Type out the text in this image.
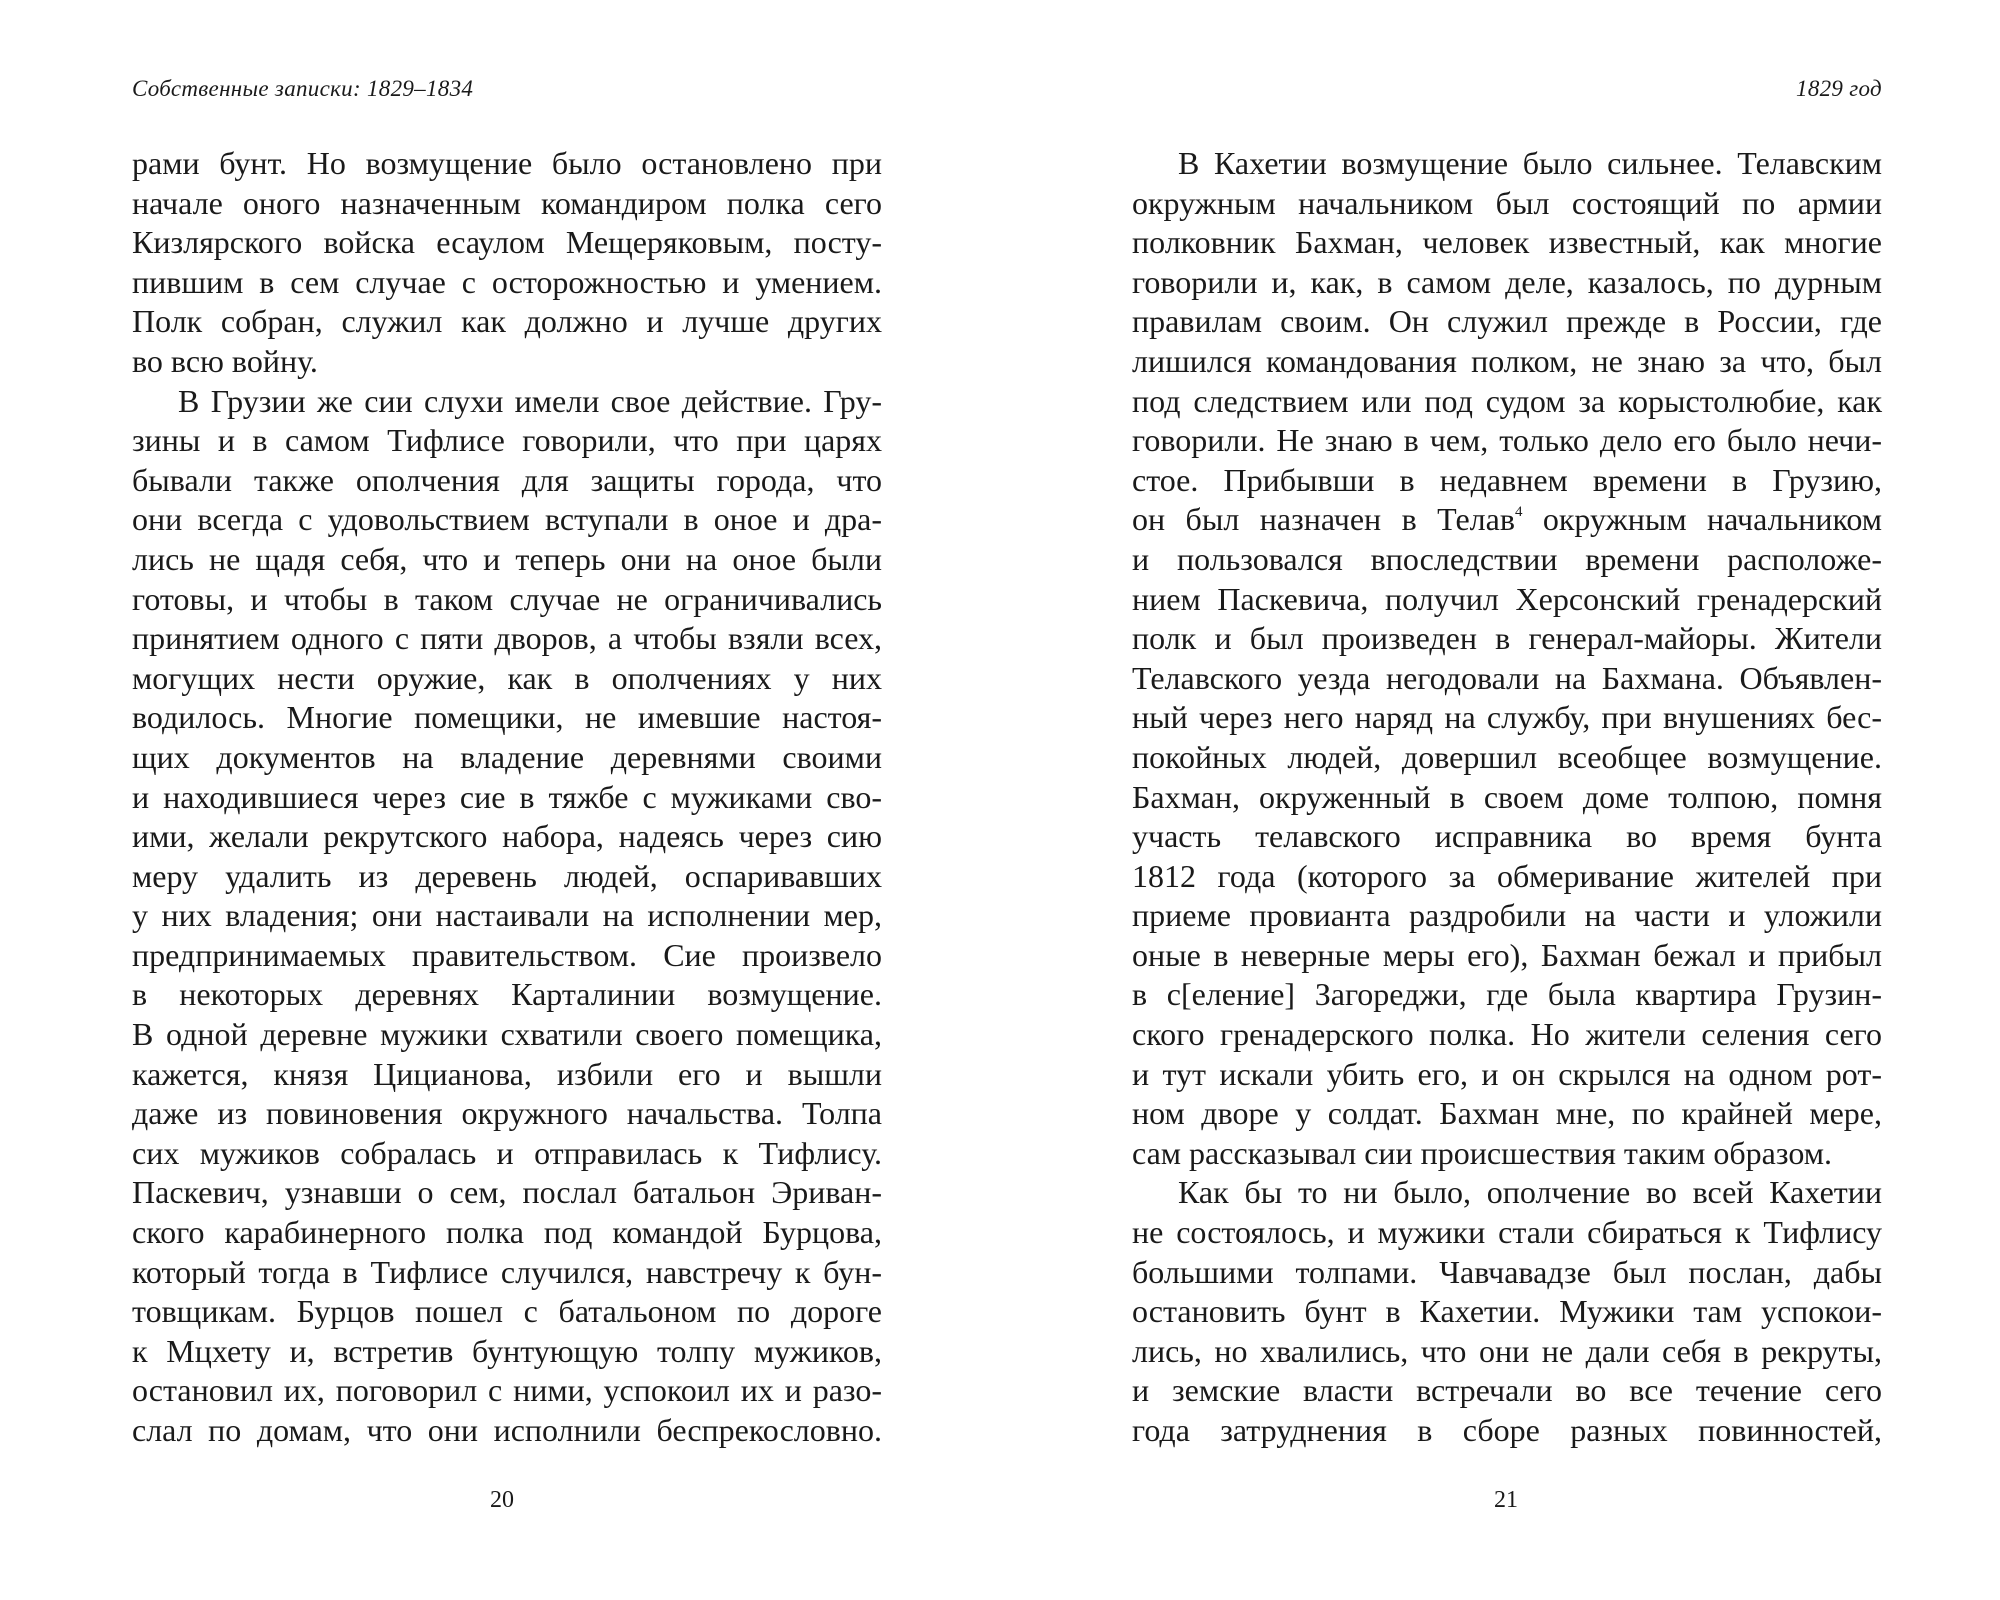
Собственные записки: 1829–1834
рами бунт. Но возмущение было остановлено при
начале оного назначенным командиром полка сего
Кизлярского войска есаулом Мещеряковым, посту-
пившим в сем случае с осторожностью и умением.
Полк собран, служил как должно и лучше других
во всю войну.
В Грузии же сии слухи имели свое действие. Гру-
зины и в самом Тифлисе говорили, что при царях
бывали также ополчения для защиты города, что
они всегда с удовольствием вступали в оное и дра-
лись не щадя себя, что и теперь они на оное были
готовы, и чтобы в таком случае не ограничивались
принятием одного с пяти дворов, а чтобы взяли всех,
могущих нести оружие, как в ополчениях у них
водилось. Многие помещики, не имевшие настоя-
щих документов на владение деревнями своими
и находившиеся через сие в тяжбе с мужиками сво-
ими, желали рекрутского набора, надеясь через сию
меру удалить из деревень людей, оспаривавших
у них владения; они настаивали на исполнении мер,
предпринимаемых правительством. Сие произвело
в некоторых деревнях Карталинии возмущение.
В одной деревне мужики схватили своего помещика,
кажется, князя Цицианова, избили его и вышли
даже из повиновения окружного начальства. Толпа
сих мужиков собралась и отправилась к Тифлису.
Паскевич, узнавши о сем, послал батальон Эриван-
ского карабинерного полка под командой Бурцова,
который тогда в Тифлисе случился, навстречу к бун-
товщикам. Бурцов пошел с батальоном по дороге
к Мцхету и, встретив бунтующую толпу мужиков,
остановил их, поговорил с ними, успокоил их и разо-
слал по домам, что они исполнили беспрекословно.
20
1829 год
В Кахетии возмущение было сильнее. Телавским
окружным начальником был состоящий по армии
полковник Бахман, человек известный, как многие
говорили и, как, в самом деле, казалось, по дурным
правилам своим. Он служил прежде в России, где
лишился командования полком, не знаю за что, был
под следствием или под судом за корыстолюбие, как
говорили. Не знаю в чем, только дело его было нечи-
стое. Прибывши в недавнем времени в Грузию,
он был назначен в Телав$^4$ окружным начальником
и пользовался впоследствии времени расположе-
нием Паскевича, получил Херсонский гренадерский
полк и был произведен в генерал-майоры. Жители
Телавского уезда негодовали на Бахмана. Объявлен-
ный через него наряд на службу, при внушениях бес-
покойных людей, довершил всеобщее возмущение.
Бахман, окруженный в своем доме толпою, помня
участь телавского исправника во время бунта
1812 года (которого за обмеривание жителей при
приеме провианта раздробили на части и уложили
оные в неверные меры его), Бахман бежал и прибыл
в с[еление] Загореджи, где была квартира Грузин-
ского гренадерского полка. Но жители селения сего
и тут искали убить его, и он скрылся на одном рот-
ном дворе у солдат. Бахман мне, по крайней мере,
сам рассказывал сии происшествия таким образом.
Как бы то ни было, ополчение во всей Кахетии
не состоялось, и мужики стали сбираться к Тифлису
большими толпами. Чавчавадзе был послан, дабы
остановить бунт в Кахетии. Мужики там успокои-
лись, но хвалились, что они не дали себя в рекруты,
и земские власти встречали во все течение сего
года затруднения в сборе разных повинностей,
21
